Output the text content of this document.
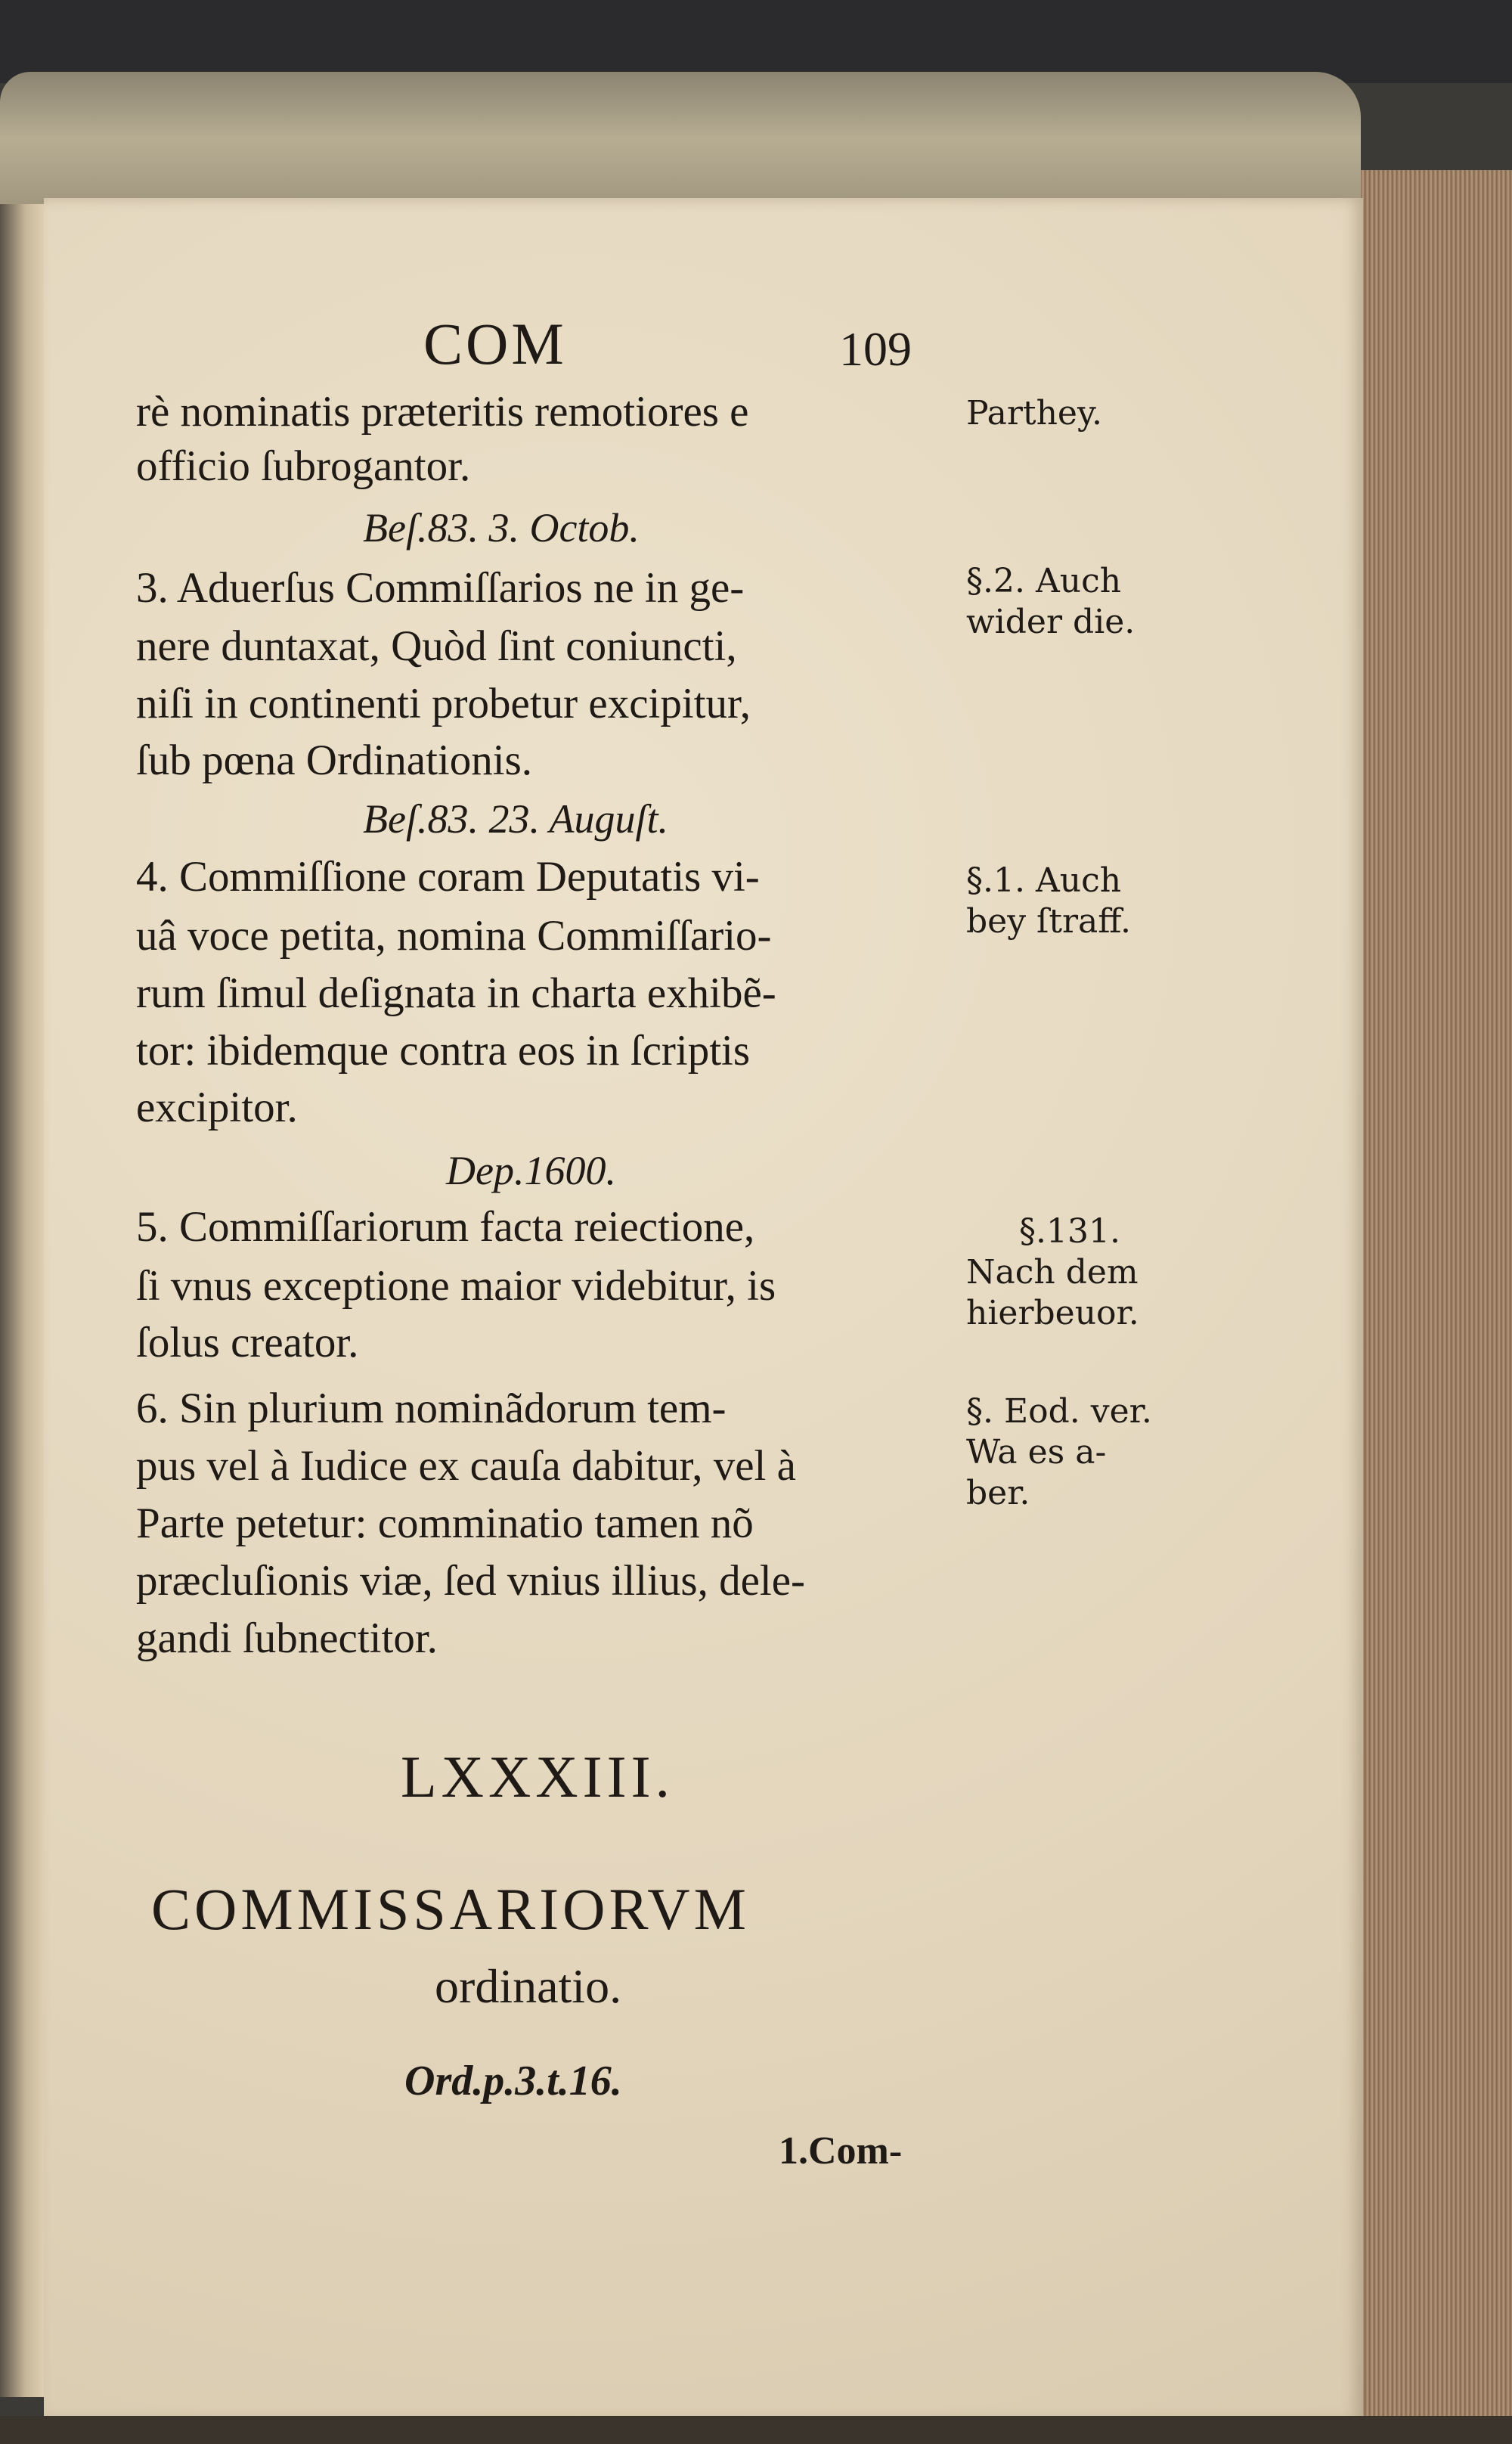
COM	109
rè nominatis præteritis remotiores e
officio ſubrogantor.
Beſ.83. 3. Octob.
3. Aduerſus Commiſſarios ne in ge-
nere duntaxat, Quòd ſint coniuncti,
niſi in continenti probetur excipitur,
ſub pœna Ordinationis.
Beſ.83. 23. Auguſt.
4. Commiſſione coram Deputatis vi-
uâ voce petita, nomina Commiſſario-
rum ſimul deſignata in charta exhibẽ-
tor: ibidemque contra eos in ſcriptis
excipitor.
Dep.1600.
5. Commiſſariorum facta reiectione,
ſi vnus exceptione maior videbitur, is
ſolus creator.
6. Sin plurium nominãdorum tem-
pus vel à Iudice ex cauſa dabitur, vel à
Parte petetur: comminatio tamen nõ
præcluſionis viæ, ſed vnius illius, dele-
gandi ſubnectitor.
Parthey.
§.2. Auch
wider die.
§.1. Auch
bey ſtraff.
§.131.
Nach dem
hierbeuor.
§. Eod. ver.
Wa es a-
ber.
LXXXIII.
COMMISSARIORVM
ordinatio.
Ord.p.3.t.16.
1.Com-
